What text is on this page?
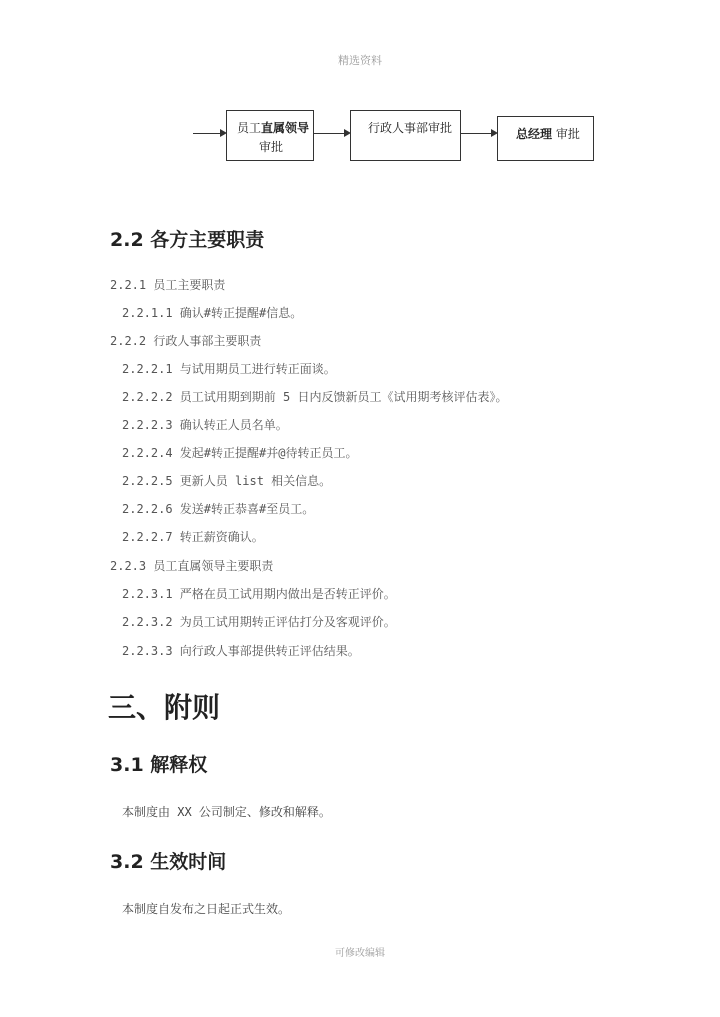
精选资料
员工直属领导
审批
行政人事部审批	总经理 审批
2.2 各方主要职责
2.2.1 员工主要职责
2.2.1.1 确认#转正提醒#信息。
2.2.2 行政人事部主要职责
2.2.2.1 与试用期员工进行转正面谈。
2.2.2.2 员工试用期到期前 5 日内反馈新员工《试用期考核评估表》。
2.2.2.3 确认转正人员名单。
2.2.2.4 发起#转正提醒#并@待转正员工。
2.2.2.5 更新人员 list 相关信息。
2.2.2.6 发送#转正恭喜#至员工。
2.2.2.7 转正薪资确认。
2.2.3 员工直属领导主要职责
2.2.3.1 严格在员工试用期内做出是否转正评价。
2.2.3.2 为员工试用期转正评估打分及客观评价。
2.2.3.3 向行政人事部提供转正评估结果。
三、附则
3.1 解释权
本制度由 XX 公司制定、修改和解释。
3.2 生效时间
本制度自发布之日起正式生效。
可修改编辑
